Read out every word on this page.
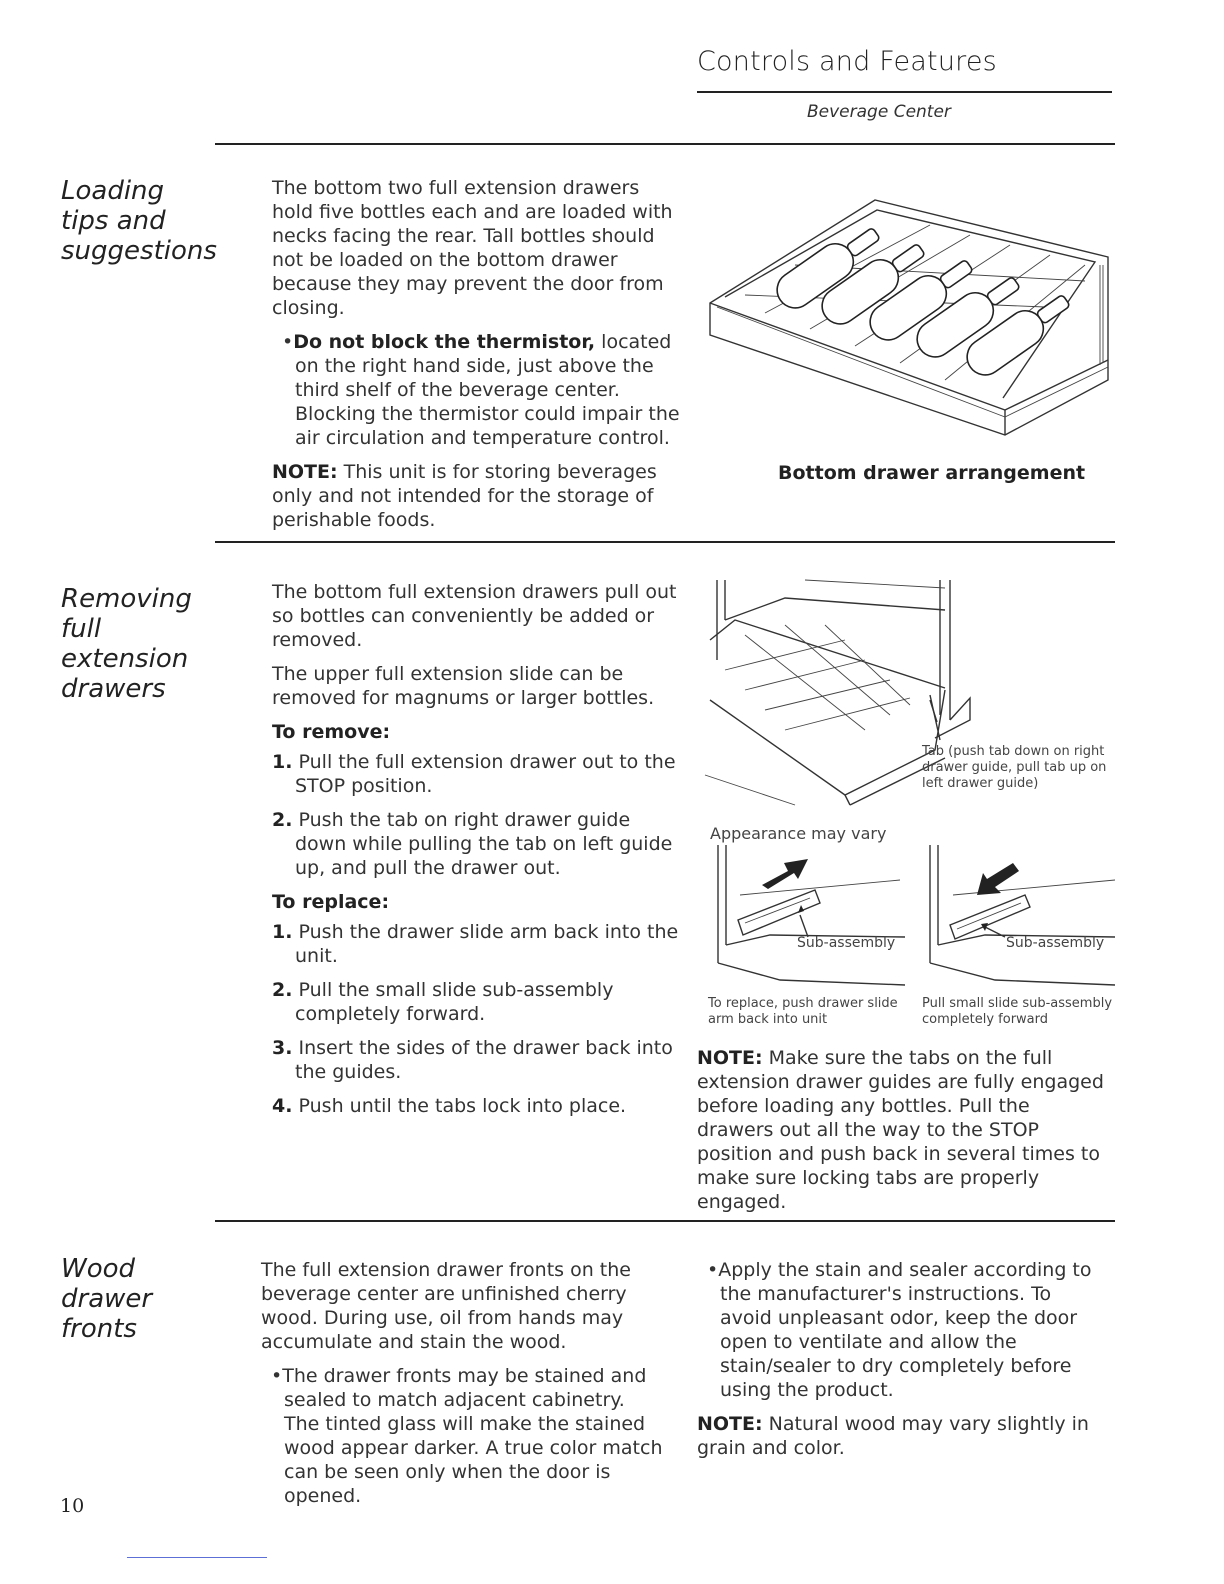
Controls and Features
Beverage Center
Loading
tips and
suggestions

The bottom two full extension drawers hold five bottles each and are loaded with necks facing the rear. Tall bottles should not be loaded on the bottom drawer because they may prevent the door from closing.

•Do not block the thermistor, located on the right hand side, just above the third shelf of the beverage center. Blocking the thermistor could impair the air circulation and temperature control.

NOTE: This unit is for storing beverages only and not intended for the storage of perishable foods.

Bottom drawer arrangement
Removing
full
extension
drawers

The bottom full extension drawers pull out so bottles can conveniently be added or removed.

The upper full extension slide can be removed for magnums or larger bottles.

To remove:

1. Pull the full extension drawer out to the STOP position.
2. Push the tab on right drawer guide down while pulling the tab on left guide up, and pull the drawer out.

To replace:

1. Push the drawer slide arm back into the unit.
2. Pull the small slide sub-assembly completely forward.
3. Insert the sides of the drawer back into the guides.
4. Push until the tabs lock into place.
Tab (push tab down on right drawer guide, pull tab up on left drawer guide)
Appearance may vary
Sub-assembly	Sub-assembly
To replace, push drawer slide arm back into unit
Pull small slide sub-assembly completely forward
NOTE: Make sure the tabs on the full extension drawer guides are fully engaged before loading any bottles. Pull the drawers out all the way to the STOP position and push back in several times to make sure locking tabs are properly engaged.
Wood
drawer
fronts

The full extension drawer fronts on the beverage center are unfinished cherry wood. During use, oil from hands may accumulate and stain the wood.

•The drawer fronts may be stained and sealed to match adjacent cabinetry. The tinted glass will make the stained wood appear darker. A true color match can be seen only when the door is opened.

•Apply the stain and sealer according to the manufacturer's instructions. To avoid unpleasant odor, keep the door open to ventilate and allow the stain/sealer to dry completely before using the product.

NOTE: Natural wood may vary slightly in grain and color.

10
